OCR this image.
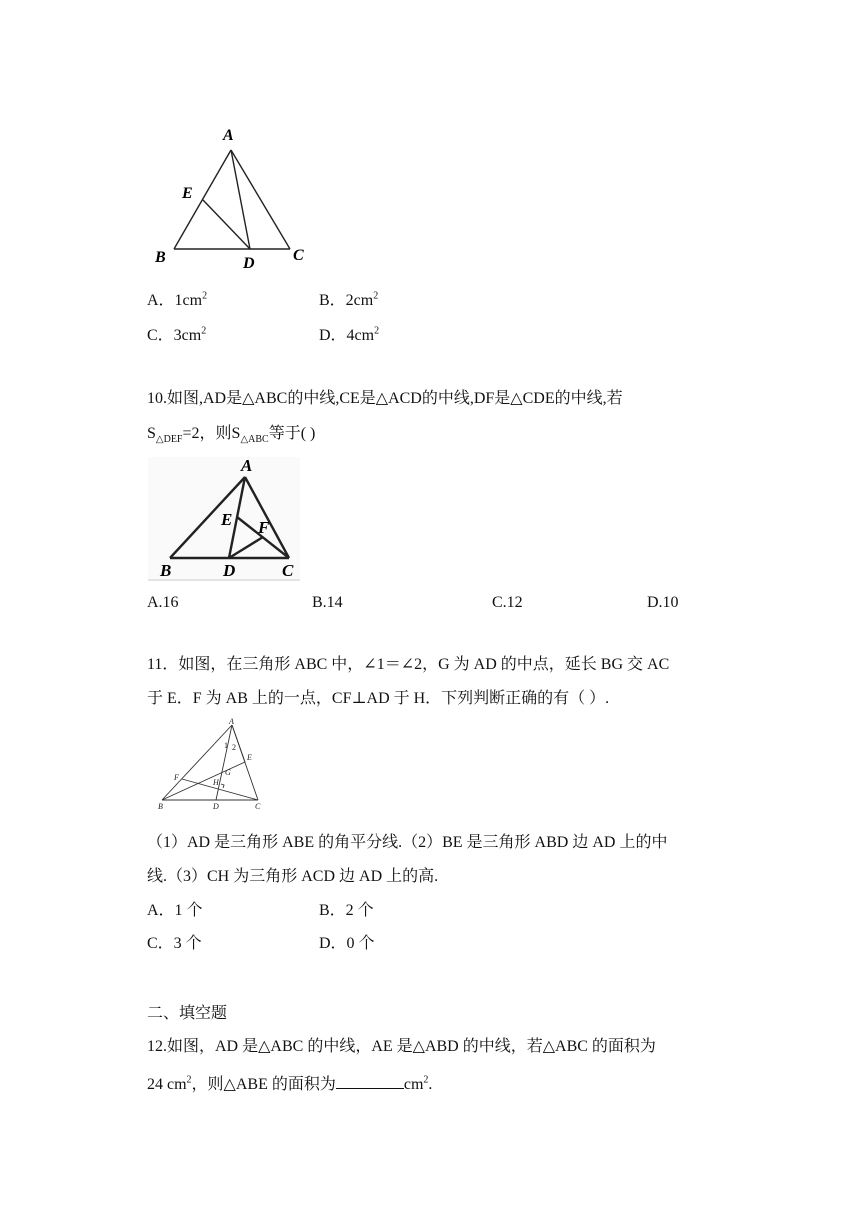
A
E
B	D C
A．$1cm^2$	B．$2cm^2$
C．$3cm^2$	D．$4cm^2$
10.如图,AD是△ABC的中线,CE是△ACD的中线,DF是△CDE的中线,若
$S_{\triangle DEF}=2$，则$S_{\triangle ABC}$等于( )
A
E F
B	D	C
A.16	B.14	C.12	D.10
11．如图，在三角形 ABC 中，∠1＝∠2，G 为 AD 的中点，延长 BG 交 AC
于 E．F 为 AB 上的一点，CF⊥AD 于 H．下列判断正确的有（ ）.
A
1 2
E
G
F
H
B	D	C
（1）AD 是三角形 ABE 的角平分线.（2）BE 是三角形 ABD 边 AD 上的中
线.（3）CH 为三角形 ACD 边 AD 上的高.
A．1 个	B．2 个
C．3 个	D．0 个
二、填空题
12.如图，AD 是△ABC 的中线，AE 是△ABD 的中线，若△ABC 的面积为
24 $cm^2$，则△ABE 的面积为	$cm^2$.
